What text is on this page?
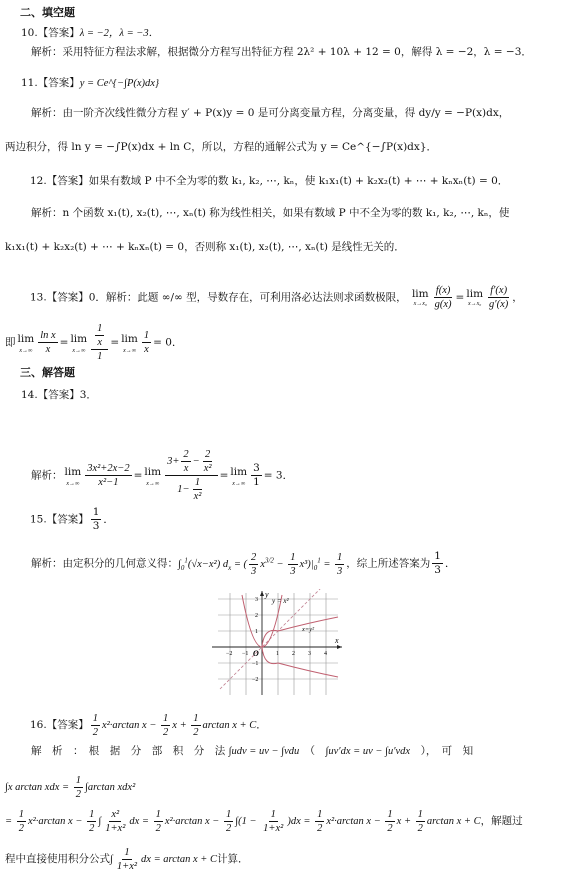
二、填空题
10.【答案】λ = −2，λ = −3．
解析：采用特征方程法求解，根据微分方程写出特征方程 2λ² + 10λ + 12 = 0，解得 λ = −2，λ = −3．
11.【答案】y = Ce^{−∫P(x)dx}
解析：由一阶齐次线性微分方程 y′ + P(x)y = 0 是可分离变量方程，分离变量，得 dy/y = −P(x)dx，
两边积分，得 ln y = −∫P(x)dx + ln C，所以，方程的通解公式为 y = Ce^{−∫P(x)dx}．
12.【答案】如果有数域 P 中不全为零的数 k₁, k₂, ⋯, kₙ，使 k₁x₁(t) + k₂x₂(t) + ⋯ + kₙxₙ(t) = 0．
解析：n 个函数 x₁(t), x₂(t), ⋯, xₙ(t) 称为线性相关，如果有数域 P 中不全为零的数 k₁, k₂, ⋯, kₙ，使
k₁x₁(t) + k₂x₂(t) + ⋯ + kₙxₙ(t) = 0，否则称 x₁(t), x₂(t), ⋯, xₙ(t) 是线性无关的．
13.【答案】0．解析：此题 ∞/∞ 型，导数存在，可利用洛必达法则求函数极限， lim
$x\to x_0 \frac{f(x)}{g(x)} = \lim$
$x\to x_0 \frac{f'(x)}{g'(x)}$ ，
即 lim
$x\to\infty \frac{\text{ln x}}{x} = \lim$
$x\to\infty \frac{\frac{1}{x}}{1} = \lim$
$x\to\infty \frac{1}{x} = 0$．
三、解答题
14.【答案】3．
解析： lim
$x\to\infty \frac{\text{3x²+2x−2}}{\text{x²−1}} = \lim$
$x\to\infty \frac{3+ \frac{2}{x} - \frac{2}{\text{x²}}}{1- \frac{1}{\text{x²}}} = \lim$
$x\to\infty \frac{3}{1} = 3$．
15.【答案】 $\frac{1}{3}$ ．
解析：由定积分的几何意义得：$\int_0^1(√x-x^2) d_x$ = ( $\frac{2}{3} x^{3/2} - \frac{1}{3} x^3)|_0^1 = \frac{1}{3}$ ，综上所述答案为 $\frac{1}{3}$ ．
y = x²
x=y²
x
y
O
−2 −1	1 2 3 4
3
2
1
−1
−2
16.【答案】 $\frac{1}{2} x^2\cdot\arctan$ $x - \frac{1}{2}$ $x + \frac{1}{2}$ arctan x + C．
解　析　：　根　据　分　部　积　分　法 ∫udv = uv − ∫vdu　（　∫uv′dx = uv − ∫u′vdx　），　可　知
∫x arctan xdx = $\frac{1}{2} \int\arctan$ xdx²
= $\frac{1}{2} x^2\cdot\arctan$ $x - \frac{1}{2}$ ∫ $\frac{\text{x²}}{\text{1+x²}}$ dx = $\frac{1}{2} x^2\cdot\arctan$ $x - \frac{1}{2} \int(1 - \frac{1}{\text{1+x²}} )dx = \frac{1}{2} x^2\cdot\arctan$ $x - \frac{1}{2}$ $x + \frac{1}{2}$ arctan x + C，解题过
程中直接使用积分公式∫ $\frac{1}{\text{1+x²}}$ dx = arctan x + C计算．
